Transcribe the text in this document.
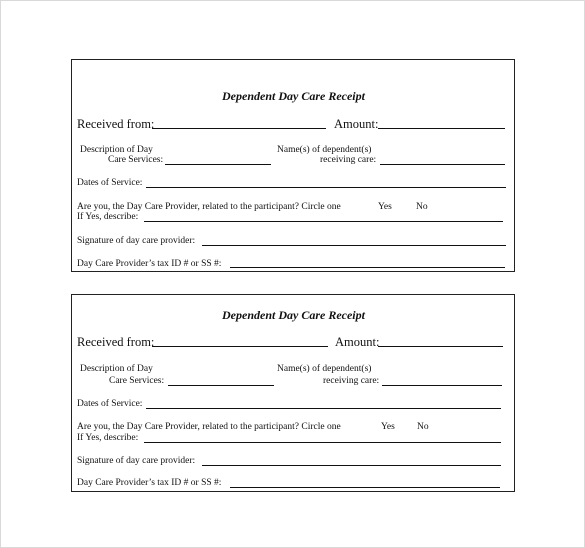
Dependent Day Care Receipt
Received from:	Amount:
Description of Day
Care Services:
Name(s) of dependent(s)
receiving care:
Dates of Service:
Are you, the Day Care Provider, related to the participant? Circle one	Yes	No
If Yes, describe:
Signature of day care provider:
Day Care Provider’s tax ID # or SS #:
Dependent Day Care Receipt
Received from:	Amount:
Description of Day
Care Services:
Name(s) of dependent(s)
receiving care:
Dates of Service:
Are you, the Day Care Provider, related to the participant? Circle one	Yes No
If Yes, describe:
Signature of day care provider:
Day Care Provider’s tax ID # or SS #:
